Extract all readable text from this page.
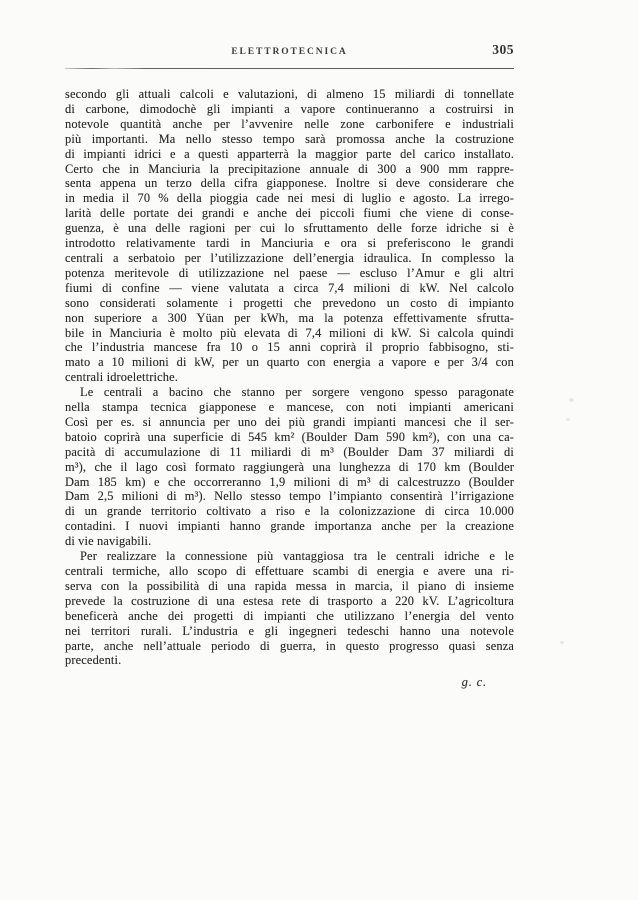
ELETTROTECNICA	305
secondo gli attuali calcoli e valutazioni, di almeno 15 miliardi di tonnellate
di carbone, dimodochè gli impianti a vapore continueranno a costruirsi in
notevole quantità anche per l’avvenire nelle zone carbonifere e industriali
più importanti. Ma nello stesso tempo sarà promossa anche la costruzione
di impianti idrici e a questi apparterrà la maggior parte del carico installato.
Certo che in Manciuria la precipitazione annuale di 300 a 900 mm rappre-
senta appena un terzo della cifra giapponese. Inoltre si deve considerare che
in media il 70 % della pioggia cade nei mesi di luglio e agosto. La irrego-
larità delle portate dei grandi e anche dei piccoli fiumi che viene di conse-
guenza, è una delle ragioni per cui lo sfruttamento delle forze idriche si è
introdotto relativamente tardi in Manciuria e ora si preferiscono le grandi
centrali a serbatoio per l’utilizzazione dell’energia idraulica. In complesso la
potenza meritevole di utilizzazione nel paese — escluso l’Amur e gli altri
fiumi di confine — viene valutata a circa 7,4 milioni di kW. Nel calcolo
sono considerati solamente i progetti che prevedono un costo di impianto
non superiore a 300 Yüan per kWh, ma la potenza effettivamente sfrutta-
bile in Manciuria è molto più elevata di 7,4 milioni di kW. Si calcola quindi
che l’industria mancese fra 10 o 15 anni coprirà il proprio fabbisogno, sti-
mato a 10 milioni di kW, per un quarto con energia a vapore e per 3/4 con
centrali idroelettriche.
Le centrali a bacino che stanno per sorgere vengono spesso paragonate
nella stampa tecnica giapponese e mancese, con noti impianti americani
Così per es. si annuncia per uno dei più grandi impianti mancesi che il ser-
batoio coprirà una superficie di 545 km² (Boulder Dam 590 km²), con una ca-
pacità di accumulazione di 11 miliardi di m³ (Boulder Dam 37 miliardi di
m³), che il lago così formato raggiungerà una lunghezza di 170 km (Boulder
Dam 185 km) e che occorreranno 1,9 milioni di m³ di calcestruzzo (Boulder
Dam 2,5 milioni di m³). Nello stesso tempo l’impianto consentirà l’irrigazione
di un grande territorio coltivato a riso e la colonizzazione di circa 10.000
contadini. I nuovi impianti hanno grande importanza anche per la creazione
di vie navigabili.
Per realizzare la connessione più vantaggiosa tra le centrali idriche e le
centrali termiche, allo scopo di effettuare scambi di energia e avere una ri-
serva con la possibilità di una rapida messa in marcia, il piano di insieme
prevede la costruzione di una estesa rete di trasporto a 220 kV. L’agricoltura
beneficerà anche dei progetti di impianti che utilizzano l’energia del vento
nei territori rurali. L’industria e gli ingegneri tedeschi hanno una notevole
parte, anche nell’attuale periodo di guerra, in questo progresso quasi senza
precedenti.
g. c.
